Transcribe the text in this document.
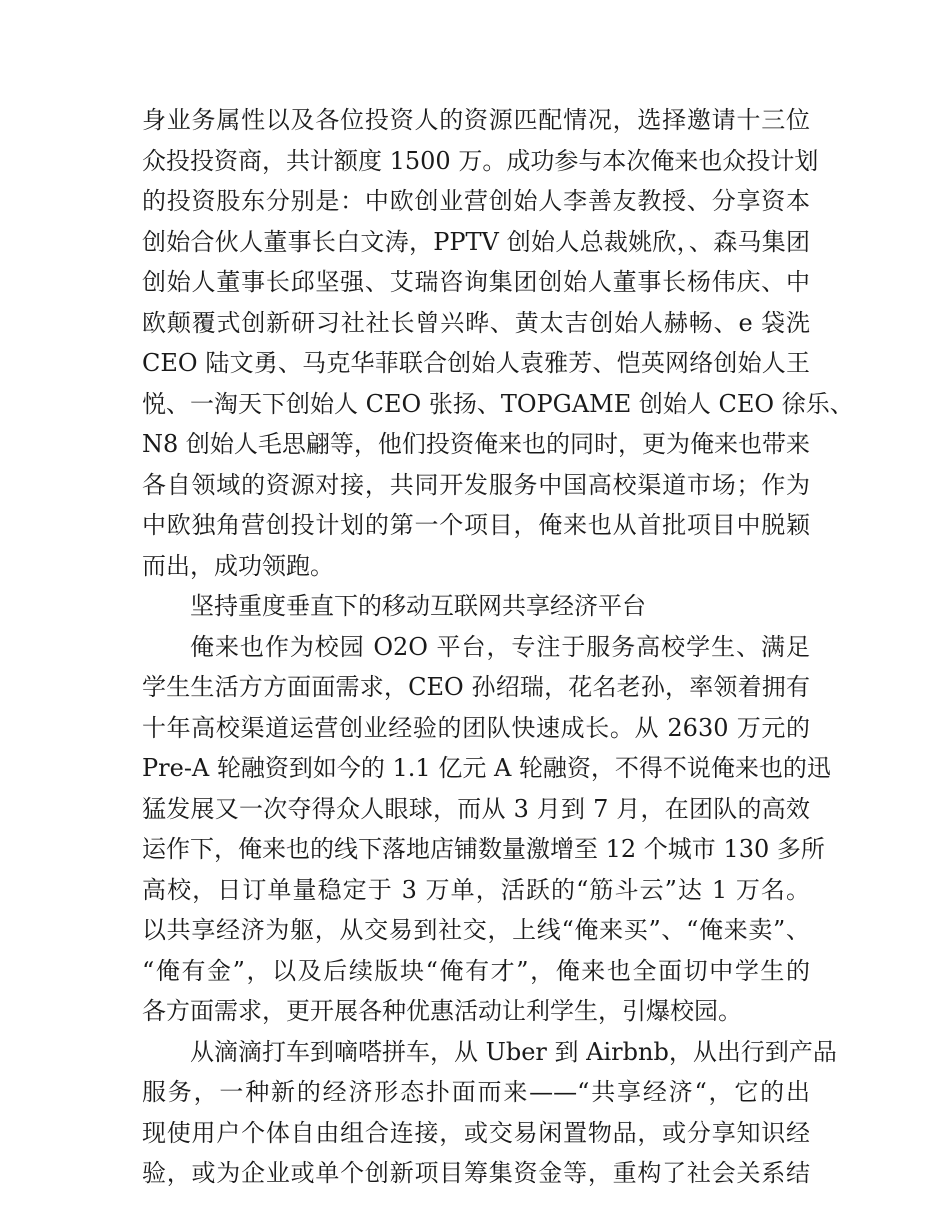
身业务属性以及各位投资人的资源匹配情况，选择邀请十三位
众投投资商，共计额度 1500 万。成功参与本次俺来也众投计划
的投资股东分别是：中欧创业营创始人李善友教授、分享资本
创始合伙人董事长白文涛，PPTV 创始人总裁姚欣，、森马集团
创始人董事长邱坚强、艾瑞咨询集团创始人董事长杨伟庆、中
欧颠覆式创新研习社社长曾兴晔、黄太吉创始人赫畅、e 袋洗
CEO 陆文勇、马克华菲联合创始人袁雅芳、恺英网络创始人王
悦、一淘天下创始人 CEO 张扬、TOPGAME 创始人 CEO 徐乐、
N8 创始人毛思翩等，他们投资俺来也的同时，更为俺来也带来
各自领域的资源对接，共同开发服务中国高校渠道市场；作为
中欧独角营创投计划的第一个项目，俺来也从首批项目中脱颖
而出，成功领跑。
坚持重度垂直下的移动互联网共享经济平台
俺来也作为校园 O2O 平台，专注于服务高校学生、满足
学生生活方方面面需求，CEO 孙绍瑞，花名老孙，率领着拥有
十年高校渠道运营创业经验的团队快速成长。从 2630 万元的
Pre-A 轮融资到如今的 1.1 亿元 A 轮融资，不得不说俺来也的迅
猛发展又一次夺得众人眼球，而从 3 月到 7 月，在团队的高效
运作下，俺来也的线下落地店铺数量激增至 12 个城市 130 多所
高校，日订单量稳定于 3 万单，活跃的“筋斗云”达 1 万名。
以共享经济为躯，从交易到社交，上线“俺来买”、“俺来卖”、
“俺有金”，以及后续版块“俺有才”，俺来也全面切中学生的
各方面需求，更开展各种优惠活动让利学生，引爆校园。
从滴滴打车到嘀嗒拼车，从 Uber 到 Airbnb，从出行到产品
服务，一种新的经济形态扑面而来——“共享经济“，它的出
现使用户个体自由组合连接，或交易闲置物品，或分享知识经
验，或为企业或单个创新项目筹集资金等，重构了社会关系结
